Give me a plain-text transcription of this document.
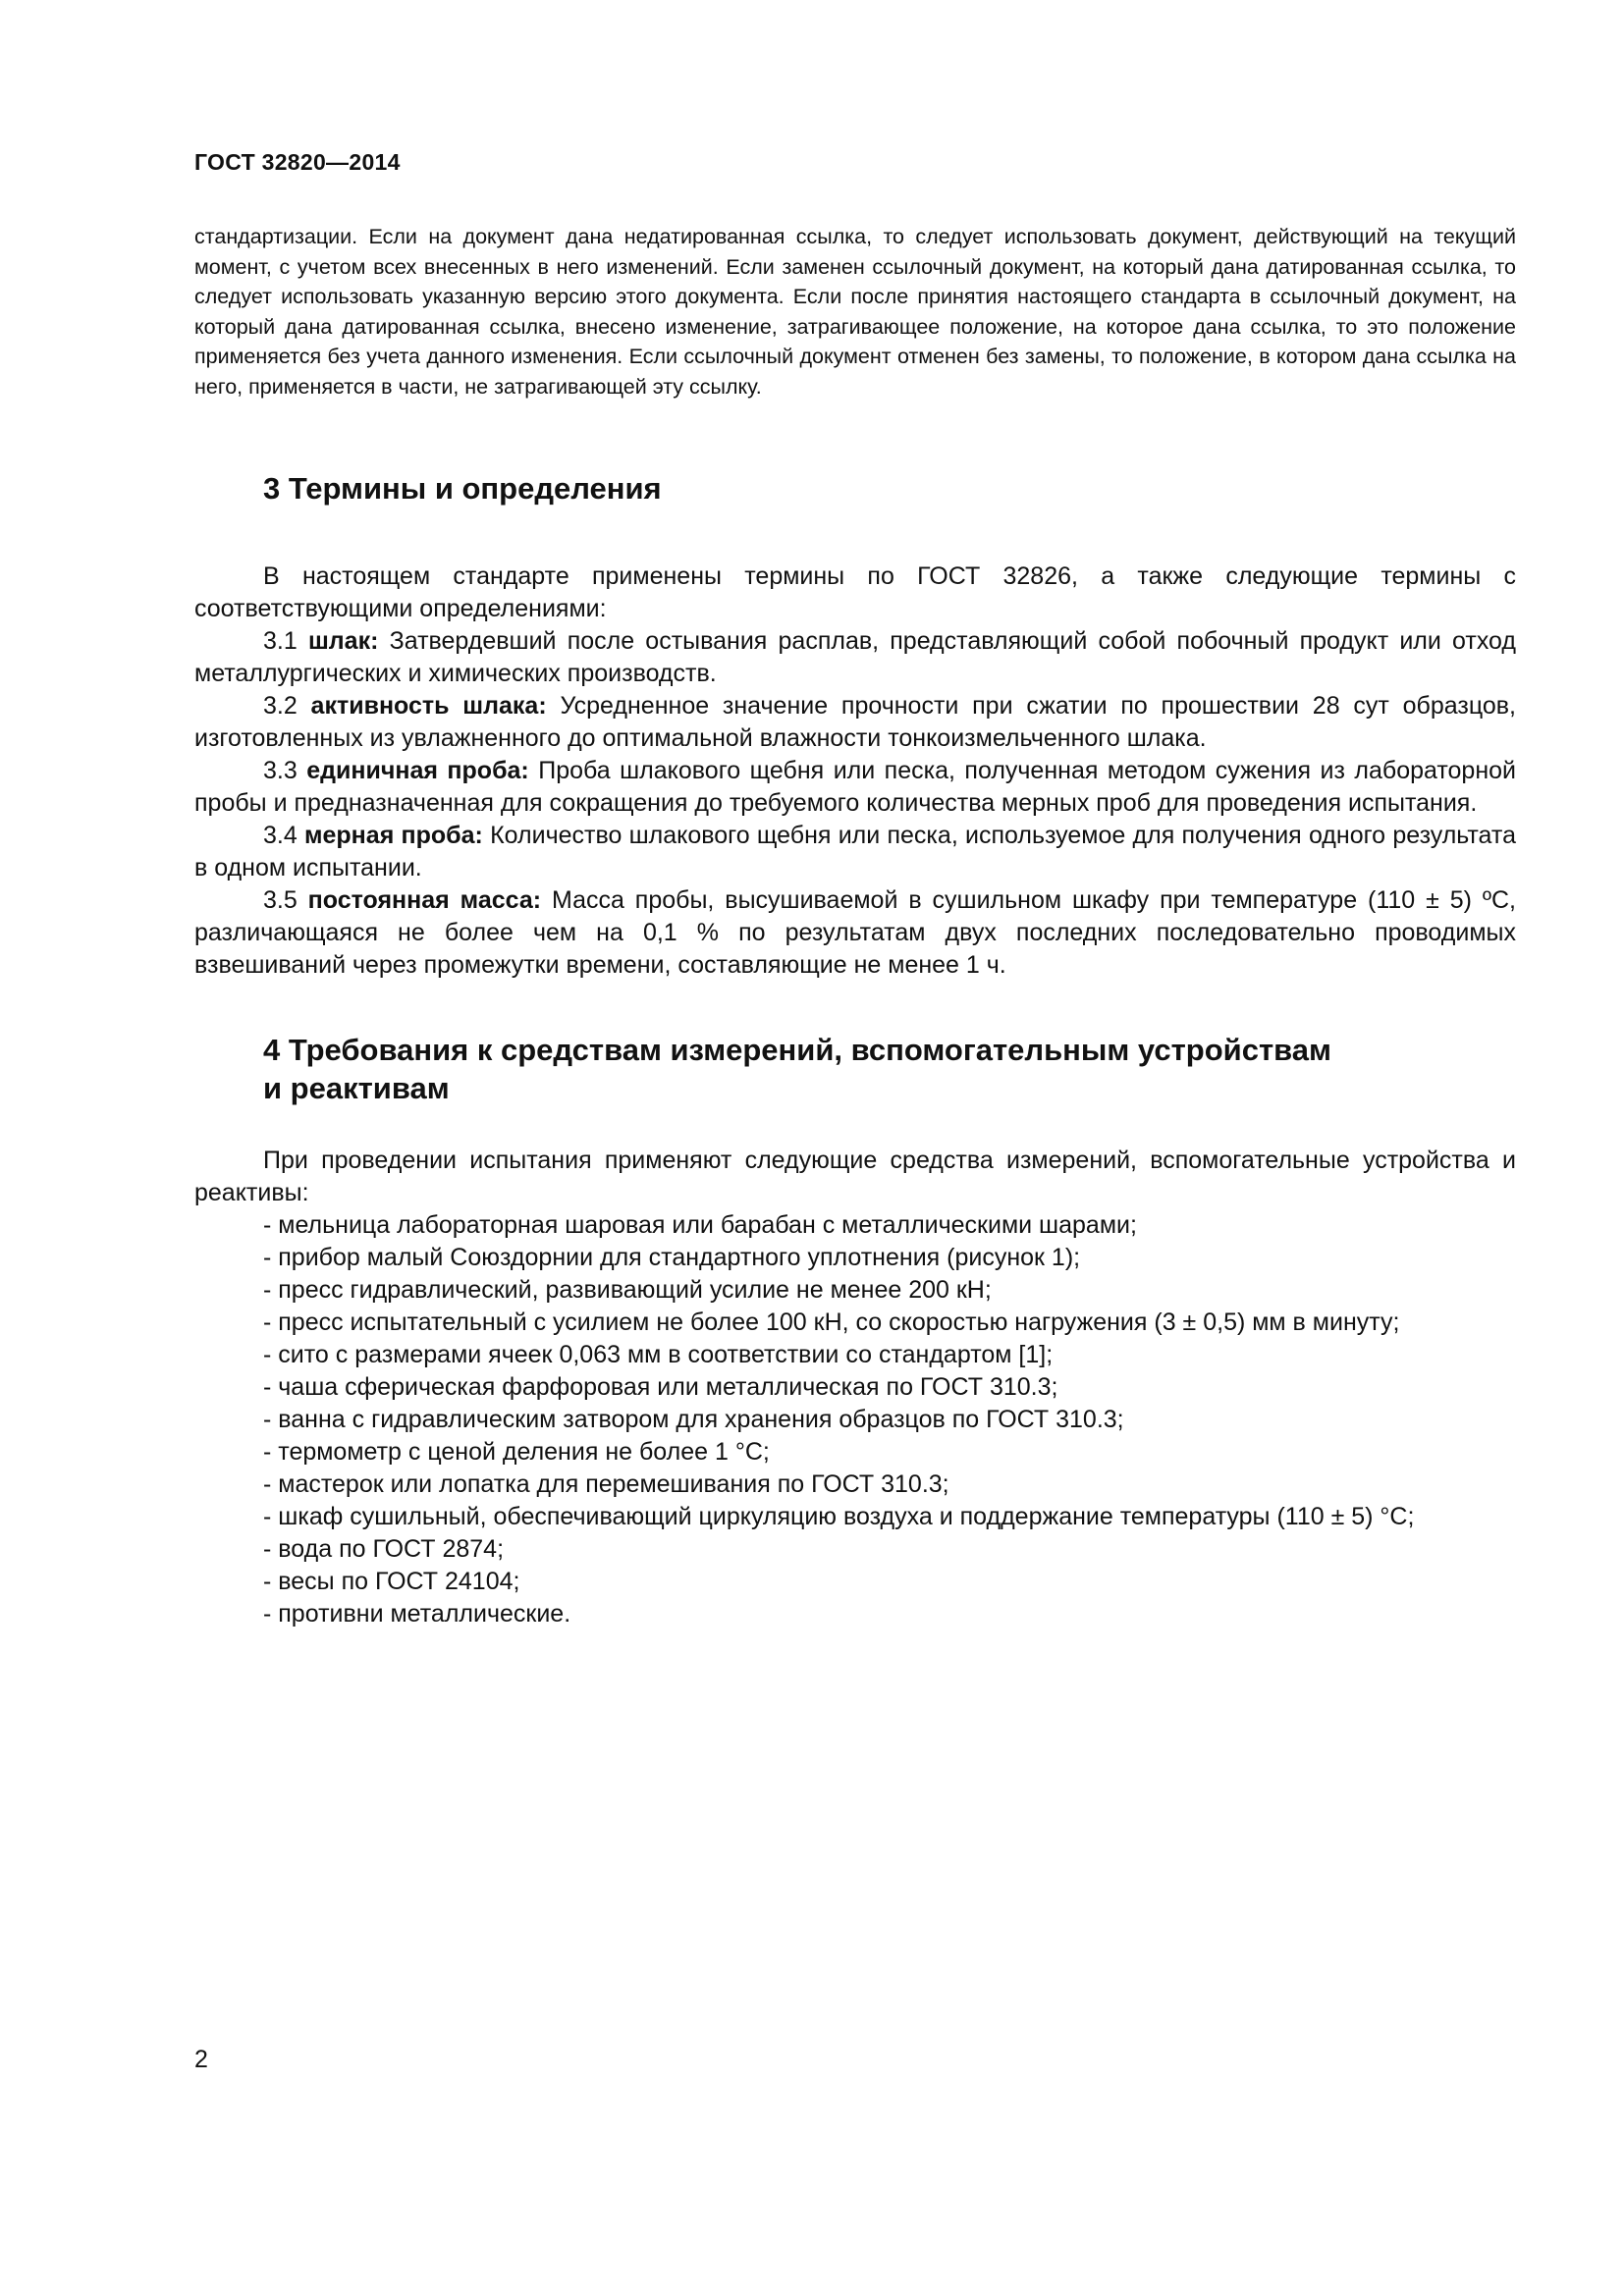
ГОСТ 32820—2014
стандартизации. Если на документ дана недатированная ссылка, то следует использовать документ, действующий на текущий момент, с учетом всех внесенных в него изменений. Если заменен ссылочный документ, на который дана датированная ссылка, то следует использовать указанную версию этого документа. Если после принятия настоящего стандарта в ссылочный документ, на который дана датированная ссылка, внесено изменение, затрагивающее положение, на которое дана ссылка, то это положение применяется без учета данного изменения. Если ссылочный документ отменен без замены, то положение, в котором дана ссылка на него, применяется в части, не затрагивающей эту ссылку.
3 Термины и определения

В настоящем стандарте применены термины по ГОСТ 32826, а также следующие термины с соответствующими определениями:

3.1 шлак: Затвердевший после остывания расплав, представляющий собой побочный продукт или отход металлургических и химических производств.

3.2 активность шлака: Усредненное значение прочности при сжатии по прошествии 28 сут образцов, изготовленных из увлажненного до оптимальной влажности тонкоизмельченного шлака.

3.3 единичная проба: Проба шлакового щебня или песка, полученная методом сужения из лабораторной пробы и предназначенная для сокращения до требуемого количества мерных проб для проведения испытания.

3.4 мерная проба: Количество шлакового щебня или песка, используемое для получения одного результата в одном испытании.

3.5 постоянная масса: Масса пробы, высушиваемой в сушильном шкафу при температуре (110 ± 5) ºС, различающаяся не более чем на 0,1 % по результатам двух последних последовательно проводимых взвешиваний через промежутки времени, составляющие не менее 1 ч.

4 Требования к средствам измерений, вспомогательным устройствам
и реактивам

При проведении испытания применяют следующие средства измерений, вспомогательные устройства и реактивы:

- мельница лабораторная шаровая или барабан с металлическими шарами;

- прибор малый Союздорнии для стандартного уплотнения (рисунок 1);

- пресс гидравлический, развивающий усилие не менее 200 кН;

- пресс испытательный с усилием не более 100 кН, со скоростью нагружения (3 ± 0,5) мм в минуту;

- сито с размерами ячеек 0,063 мм в соответствии со стандартом [1];

- чаша сферическая фарфоровая или металлическая по ГОСТ 310.3;

- ванна с гидравлическим затвором для хранения образцов по ГОСТ 310.3;

- термометр с ценой деления не более 1 °С;

- мастерок или лопатка для перемешивания по ГОСТ 310.3;

- шкаф сушильный, обеспечивающий циркуляцию воздуха и поддержание температуры (110 ± 5) °С;

- вода по ГОСТ 2874;

- весы по ГОСТ 24104;

- противни металлические.

2
